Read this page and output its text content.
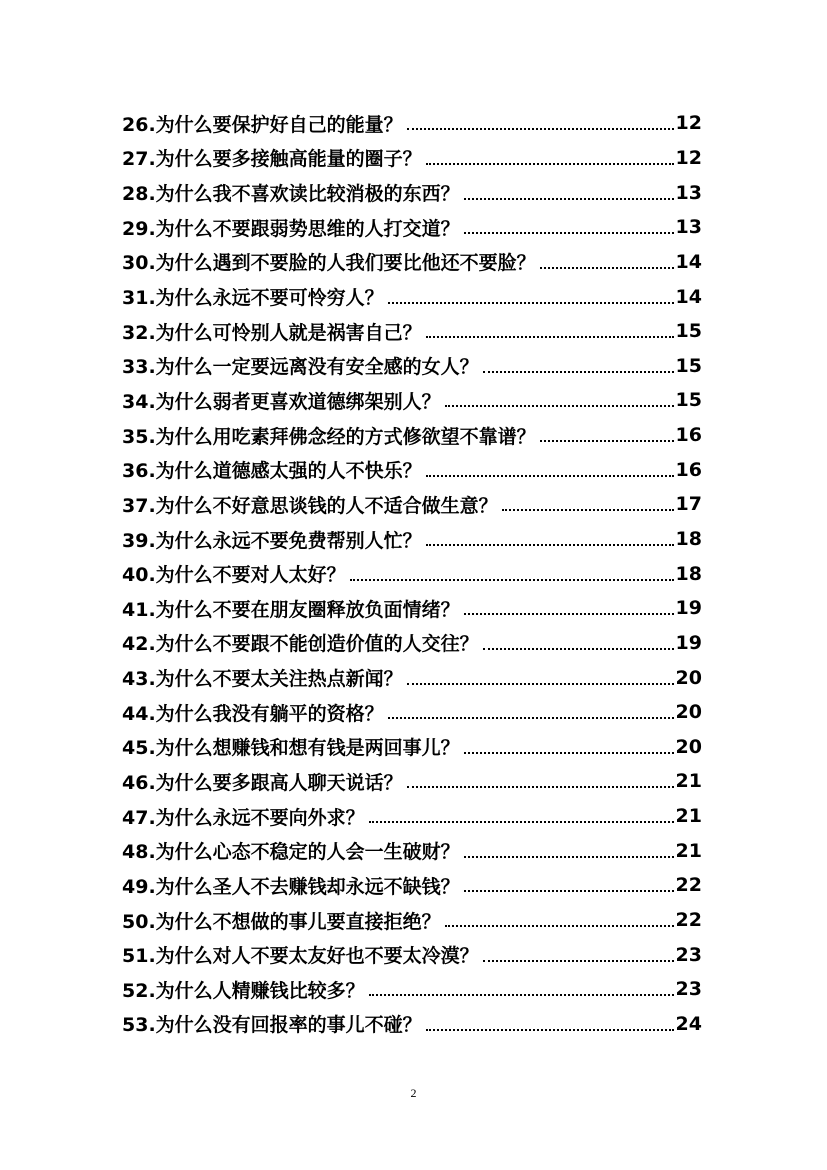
26.为什么要保护好自己的能量？	12
27.为什么要多接触高能量的圈子？	12
28.为什么我不喜欢读比较消极的东西？	13
29.为什么不要跟弱势思维的人打交道？	13
30.为什么遇到不要脸的人我们要比他还不要脸？	14
31.为什么永远不要可怜穷人？	14
32.为什么可怜别人就是祸害自己？	15
33.为什么一定要远离没有安全感的女人？	15
34.为什么弱者更喜欢道德绑架别人？	15
35.为什么用吃素拜佛念经的方式修欲望不靠谱？	16
36.为什么道德感太强的人不快乐？	16
37.为什么不好意思谈钱的人不适合做生意？	17
39.为什么永远不要免费帮别人忙？	18
40.为什么不要对人太好？	18
41.为什么不要在朋友圈释放负面情绪？	19
42.为什么不要跟不能创造价值的人交往？	19
43.为什么不要太关注热点新闻？	20
44.为什么我没有躺平的资格？	20
45.为什么想赚钱和想有钱是两回事儿？	20
46.为什么要多跟高人聊天说话？	21
47.为什么永远不要向外求？	21
48.为什么心态不稳定的人会一生破财？	21
49.为什么圣人不去赚钱却永远不缺钱？	22
50.为什么不想做的事儿要直接拒绝？	22
51.为什么对人不要太友好也不要太冷漠？	23
52.为什么人精赚钱比较多？	23
53.为什么没有回报率的事儿不碰？	24
2
